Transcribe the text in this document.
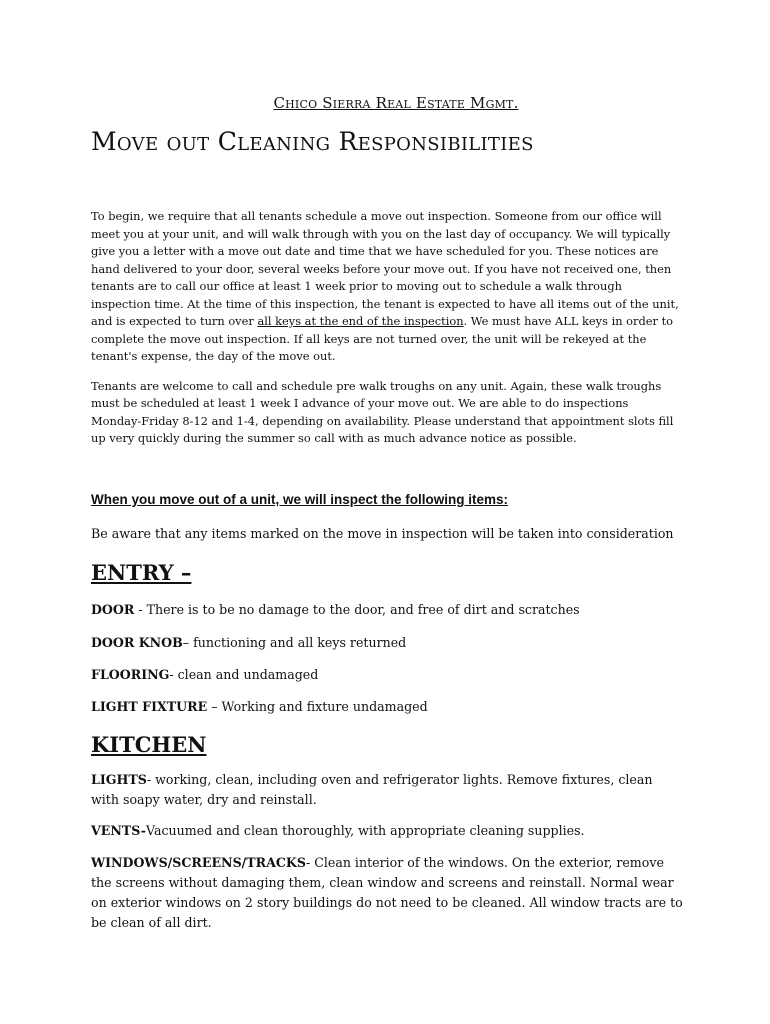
Chico Sierra Real Estate Mgmt.
Move out Cleaning Responsibilities

To begin, we require that all tenants schedule a move out inspection. Someone from our office will meet you at your unit, and will walk through with you on the last day of occupancy. We will typically give you a letter with a move out date and time that we have scheduled for you. These notices are hand delivered to your door, several weeks before your move out. If you have not received one, then tenants are to call our office at least 1 week prior to moving out to schedule a walk through inspection time. At the time of this inspection, the tenant is expected to have all items out of the unit, and is expected to turn over all keys at the end of the inspection. We must have ALL keys in order to complete the move out inspection. If all keys are not turned over, the unit will be rekeyed at the tenant's expense, the day of the move out.

Tenants are welcome to call and schedule pre walk troughs on any unit. Again, these walk troughs must be scheduled at least 1 week I advance of your move out. We are able to do inspections Monday-Friday 8-12 and 1-4, depending on availability. Please understand that appointment slots fill up very quickly during the summer so call with as much advance notice as possible.

When you move out of a unit, we will inspect the following items:
Be aware that any items marked on the move in inspection will be taken into consideration
ENTRY –

DOOR - There is to be no damage to the door, and free of dirt and scratches

DOOR KNOB– functioning and all keys returned

FLOORING- clean and undamaged

LIGHT FIXTURE – Working and fixture undamaged

KITCHEN

LIGHTS- working, clean, including oven and refrigerator lights. Remove fixtures, clean with soapy water, dry and reinstall.

VENTS-Vacuumed and clean thoroughly, with appropriate cleaning supplies.

WINDOWS/SCREENS/TRACKS- Clean interior of the windows. On the exterior, remove the screens without damaging them, clean window and screens and reinstall. Normal wear on exterior windows on 2 story buildings do not need to be cleaned. All window tracts are to be clean of all dirt.
